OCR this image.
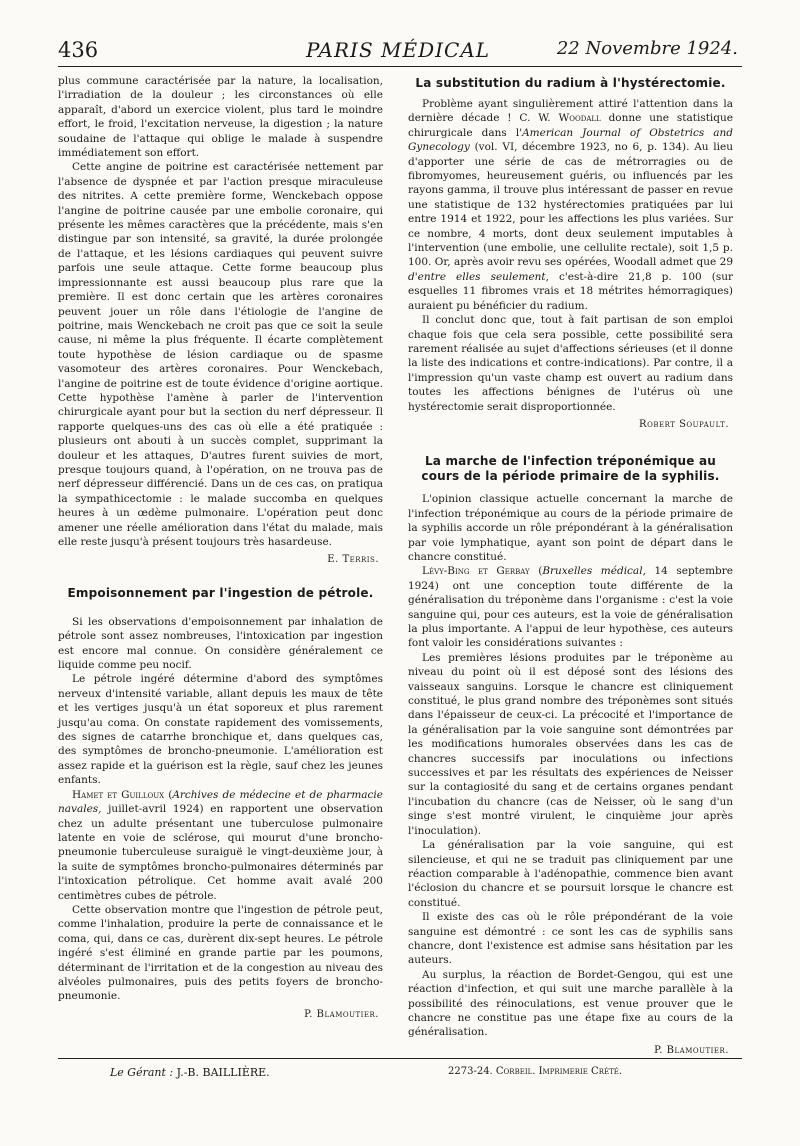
436	PARIS MÉDICAL	22 Novembre 1924.

plus commune caractérisée par la nature, la localisation, l'irradiation de la douleur ; les circonstances où elle apparaît, d'abord un exercice violent, plus tard le moindre effort, le froid, l'excitation nerveuse, la digestion ; la nature soudaine de l'attaque qui oblige le malade à suspendre immédiatement son effort.

Cette angine de poitrine est caractérisée nettement par l'absence de dyspnée et par l'action presque miraculeuse des nitrites. A cette première forme, Wenckebach oppose l'angine de poitrine causée par une embolie coronaire, qui présente les mêmes caractères que la précédente, mais s'en distingue par son intensité, sa gravité, la durée prolongée de l'attaque, et les lésions cardiaques qui peuvent suivre parfois une seule attaque. Cette forme beaucoup plus impressionnante est aussi beaucoup plus rare que la première. Il est donc certain que les artères coronaires peuvent jouer un rôle dans l'étiologie de l'angine de poitrine, mais Wenckebach ne croit pas que ce soit la seule cause, ni même la plus fréquente. Il écarte complètement toute hypothèse de lésion cardiaque ou de spasme vasomoteur des artères coronaires. Pour Wenckebach, l'angine de poitrine est de toute évidence d'origine aortique. Cette hypothèse l'amène à parler de l'intervention chirurgicale ayant pour but la section du nerf dépresseur. Il rapporte quelques-uns des cas où elle a été pratiquée : plusieurs ont abouti à un succès complet, supprimant la douleur et les attaques, D'autres furent suivies de mort, presque toujours quand, à l'opération, on ne trouva pas de nerf dépresseur différencié. Dans un de ces cas, on pratiqua la sympathicectomie : le malade succomba en quelques heures à un œdème pulmonaire. L'opération peut donc amener une réelle amélioration dans l'état du malade, mais elle reste jusqu'à présent toujours très hasardeuse.

E. Terris.
Empoisonnement par l'ingestion de pétrole.

Si les observations d'empoisonnement par inhalation de pétrole sont assez nombreuses, l'intoxication par ingestion est encore mal connue. On considère généralement ce liquide comme peu nocif.

Le pétrole ingéré détermine d'abord des symptômes nerveux d'intensité variable, allant depuis les maux de tête et les vertiges jusqu'à un état soporeux et plus rarement jusqu'au coma. On constate rapidement des vomissements, des signes de catarrhe bronchique et, dans quelques cas, des symptômes de broncho-pneumonie. L'amélioration est assez rapide et la guérison est la règle, sauf chez les jeunes enfants.

Hamet et Guilloux (Archives de médecine et de pharmacie navales, juillet-avril 1924) en rapportent une observation chez un adulte présentant une tuberculose pulmonaire latente en voie de sclérose, qui mourut d'une broncho-pneumonie tuberculeuse suraiguë le vingt-deuxième jour, à la suite de symptômes broncho-pulmonaires déterminés par l'intoxication pétrolique. Cet homme avait avalé 200 centimètres cubes de pétrole.

Cette observation montre que l'ingestion de pétrole peut, comme l'inhalation, produire la perte de connaissance et le coma, qui, dans ce cas, durèrent dix-sept heures. Le pétrole ingéré s'est éliminé en grande partie par les poumons, déterminant de l'irritation et de la congestion au niveau des alvéoles pulmonaires, puis des petits foyers de broncho-pneumonie.

P. Blamoutier.
La substitution du radium à l'hystérectomie.

Problème ayant singulièrement attiré l'attention dans la dernière décade ! C. W. Woodall donne une statistique chirurgicale dans l'American Journal of Obstetrics and Gynecology (vol. VI, décembre 1923, no 6, p. 134). Au lieu d'apporter une série de cas de métrorragies ou de fibromyomes, heureusement guéris, ou influencés par les rayons gamma, il trouve plus intéressant de passer en revue une statistique de 132 hystérectomies pratiquées par lui entre 1914 et 1922, pour les affections les plus variées. Sur ce nombre, 4 morts, dont deux seulement imputables à l'intervention (une embolie, une cellulite rectale), soit 1,5 p. 100. Or, après avoir revu ses opérées, Woodall admet que 29 d'entre elles seulement, c'est-à-dire 21,8 p. 100 (sur esquelles 11 fibromes vrais et 18 métrites hémorragiques) auraient pu bénéficier du radium.

Il conclut donc que, tout à fait partisan de son emploi chaque fois que cela sera possible, cette possibilité sera rarement réalisée au sujet d'affections sérieuses (et il donne la liste des indications et contre-indications). Par contre, il a l'impression qu'un vaste champ est ouvert au radium dans toutes les affections bénignes de l'utérus où une hystérectomie serait disproportionnée.

Robert Soupault.
La marche de l'infection tréponémique au
cours de la période primaire de la syphilis.

L'opinion classique actuelle concernant la marche de l'infection tréponémique au cours de la période primaire de la syphilis accorde un rôle prépondérant à la généralisation par voie lymphatique, ayant son point de départ dans le chancre constitué.

Lévy-Bing et Gerbay (Bruxelles médical, 14 septembre 1924) ont une conception toute différente de la généralisation du tréponème dans l'organisme : c'est la voie sanguine qui, pour ces auteurs, est la voie de généralisation la plus importante. A l'appui de leur hypothèse, ces auteurs font valoir les considérations suivantes :

Les premières lésions produites par le tréponème au niveau du point où il est déposé sont des lésions des vaisseaux sanguins. Lorsque le chancre est cliniquement constitué, le plus grand nombre des tréponèmes sont situés dans l'épaisseur de ceux-ci. La précocité et l'importance de la généralisation par la voie sanguine sont démontrées par les modifications humorales observées dans les cas de chancres successifs par inoculations ou infections successives et par les résultats des expériences de Neisser sur la contagiosité du sang et de certains organes pendant l'incubation du chancre (cas de Neisser, où le sang d'un singe s'est montré virulent, le cinquième jour après l'inoculation).

La généralisation par la voie sanguine, qui est silencieuse, et qui ne se traduit pas cliniquement par une réaction comparable à l'adénopathie, commence bien avant l'éclosion du chancre et se poursuit lorsque le chancre est constitué.

Il existe des cas où le rôle prépondérant de la voie sanguine est démontré : ce sont les cas de syphilis sans chancre, dont l'existence est admise sans hésitation par les auteurs.

Au surplus, la réaction de Bordet-Gengou, qui est une réaction d'infection, et qui suit une marche parallèle à la possibilité des réinoculations, est venue prouver que le chancre ne constitue pas une étape fixe au cours de la généralisation.

P. Blamoutier.
Le Gérant : J.-B. BAILLIÈRE.	2273-24. Corbeil. Imprimerie Crété.
